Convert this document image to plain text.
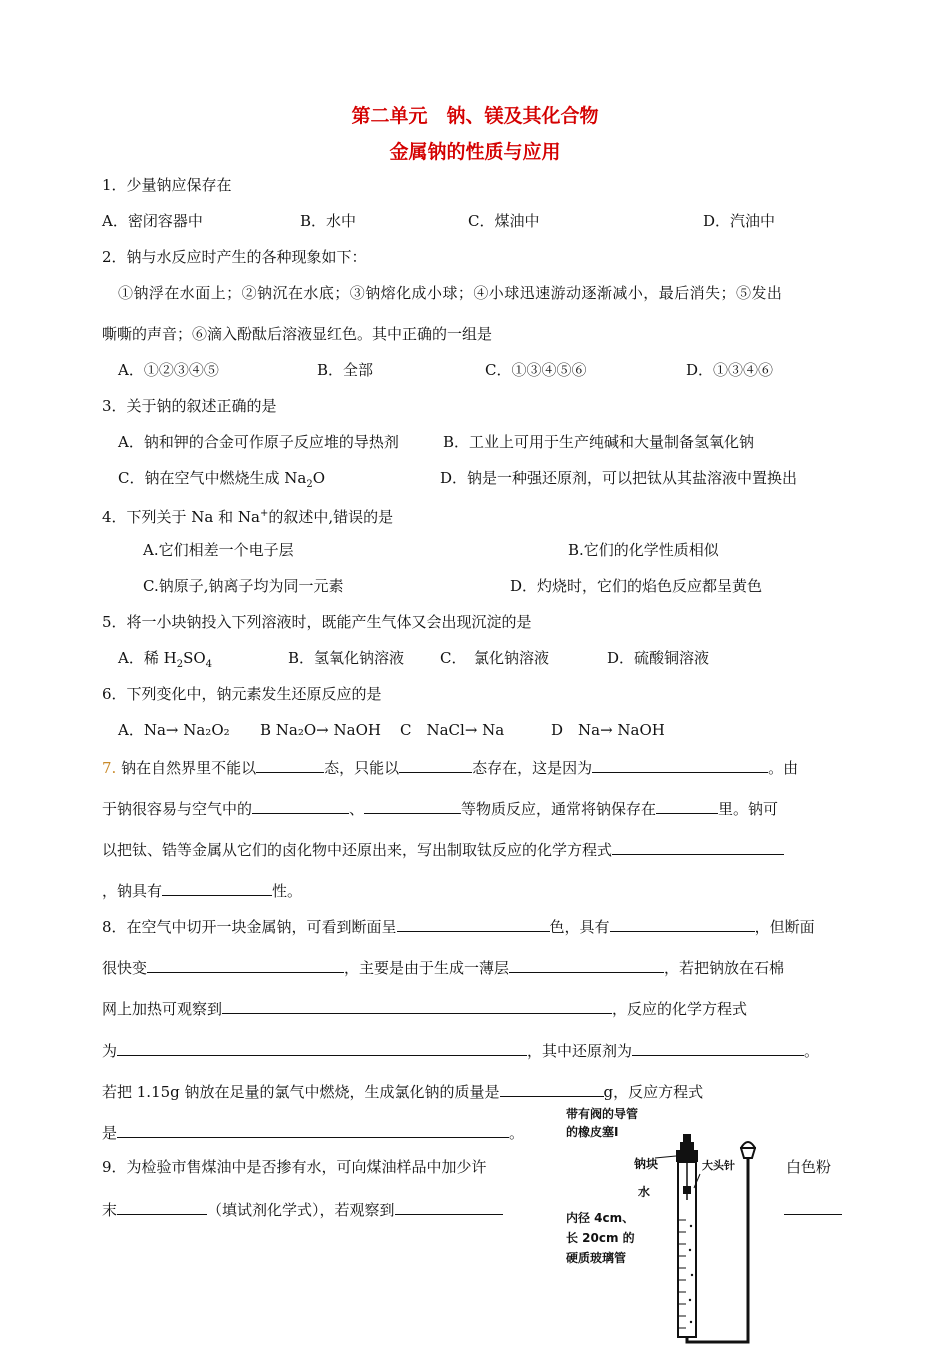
第二单元　钠、镁及其化合物
金属钠的性质与应用
1．少量钠应保存在
A．密闭容器中	B．水中	C．煤油中	D．汽油中
2．钠与水反应时产生的各种现象如下：
①钠浮在水面上；②钠沉在水底；③钠熔化成小球；④小球迅速游动逐渐减小，最后消失；⑤发出
嘶嘶的声音；⑥滴入酚酞后溶液显红色。其中正确的一组是
A．①②③④⑤	B．全部	C．①③④⑤⑥	D．①③④⑥
3．关于钠的叙述正确的是
A．钠和钾的合金可作原子反应堆的导热剂	B．工业上可用于生产纯碱和大量制备氢氧化钠
C．钠在空气中燃烧生成 $Na_2O$	D．钠是一种强还原剂，可以把钛从其盐溶液中置换出
4．下列关于 Na 和 Na+的叙述中,错误的是
A.它们相差一个电子层	B.它们的化学性质相似
C.钠原子,钠离子均为同一元素	D．灼烧时，它们的焰色反应都呈黄色
5．将一小块钠投入下列溶液时，既能产生气体又会出现沉淀的是
A．稀 $H_2SO_4$	B．氢氧化钠溶液 C．　氯化钠溶液	D．硫酸铜溶液
6．下列变化中，钠元素发生还原反应的是
A．Na→ Na₂O₂ B Na₂O→ NaOH C　NaCl→ Na	D　Na→ NaOH
7. 钠在自然界里不能以	态，只能以	态存在，这是因为	。由
于钠很容易与空气中的	、	等物质反应，通常将钠保存在	里。钠可
以把钛、锆等金属从它们的卤化物中还原出来，写出制取钛反应的化学方程式
，钠具有	性。
8．在空气中切开一块金属钠，可看到断面呈	色，具有	，但断面
很快变	，主要是由于生成一薄层	，若把钠放在石棉
网上加热可观察到	，反应的化学方程式
为	，其中还原剂为	。
若把 1.15g 钠放在足量的氯气中燃烧，生成氯化钠的质量是	g，反应方程式
是	。
9．为检验市售煤油中是否掺有水，可向煤油样品中加少许	白色粉
末	（填试剂化学式），若观察到
带有阀的导管
的橡皮塞Ⅰ
大头针
钠块
水
内径 4cm、
长 20cm 的
硬质玻璃管
